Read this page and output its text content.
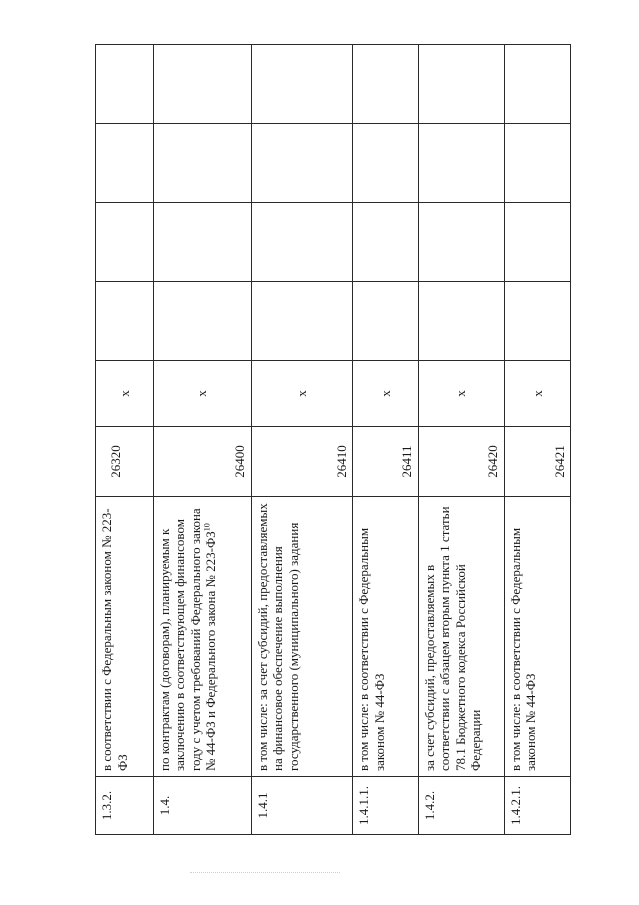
1.3.2.	в соответствии с Федеральным законом № 223-ФЗ	26320	x				
1.4.	по контрактам (договорам), планируемым к заключению в соответствующем финансовом году с учетом требований Федерального закона № 44-ФЗ и Федерального закона № 223-ФЗ$^{10}$	26400	x				
1.4.1	в том числе: за счет субсидий, предоставляемых на финансовое обеспечение выполнения государственного (муниципального) задания	26410	x				
1.4.1.1.	в том числе: в соответствии с Федеральным законом № 44-ФЗ	26411	x				
1.4.2.	за счет субсидий, предоставляемых в соответствии с абзацем вторым пункта 1 статьи 78.1 Бюджетного кодекса Российской Федерации	26420	x				
1.4.2.1.	в том числе: в соответствии с Федеральным законом № 44-ФЗ	26421	x				
